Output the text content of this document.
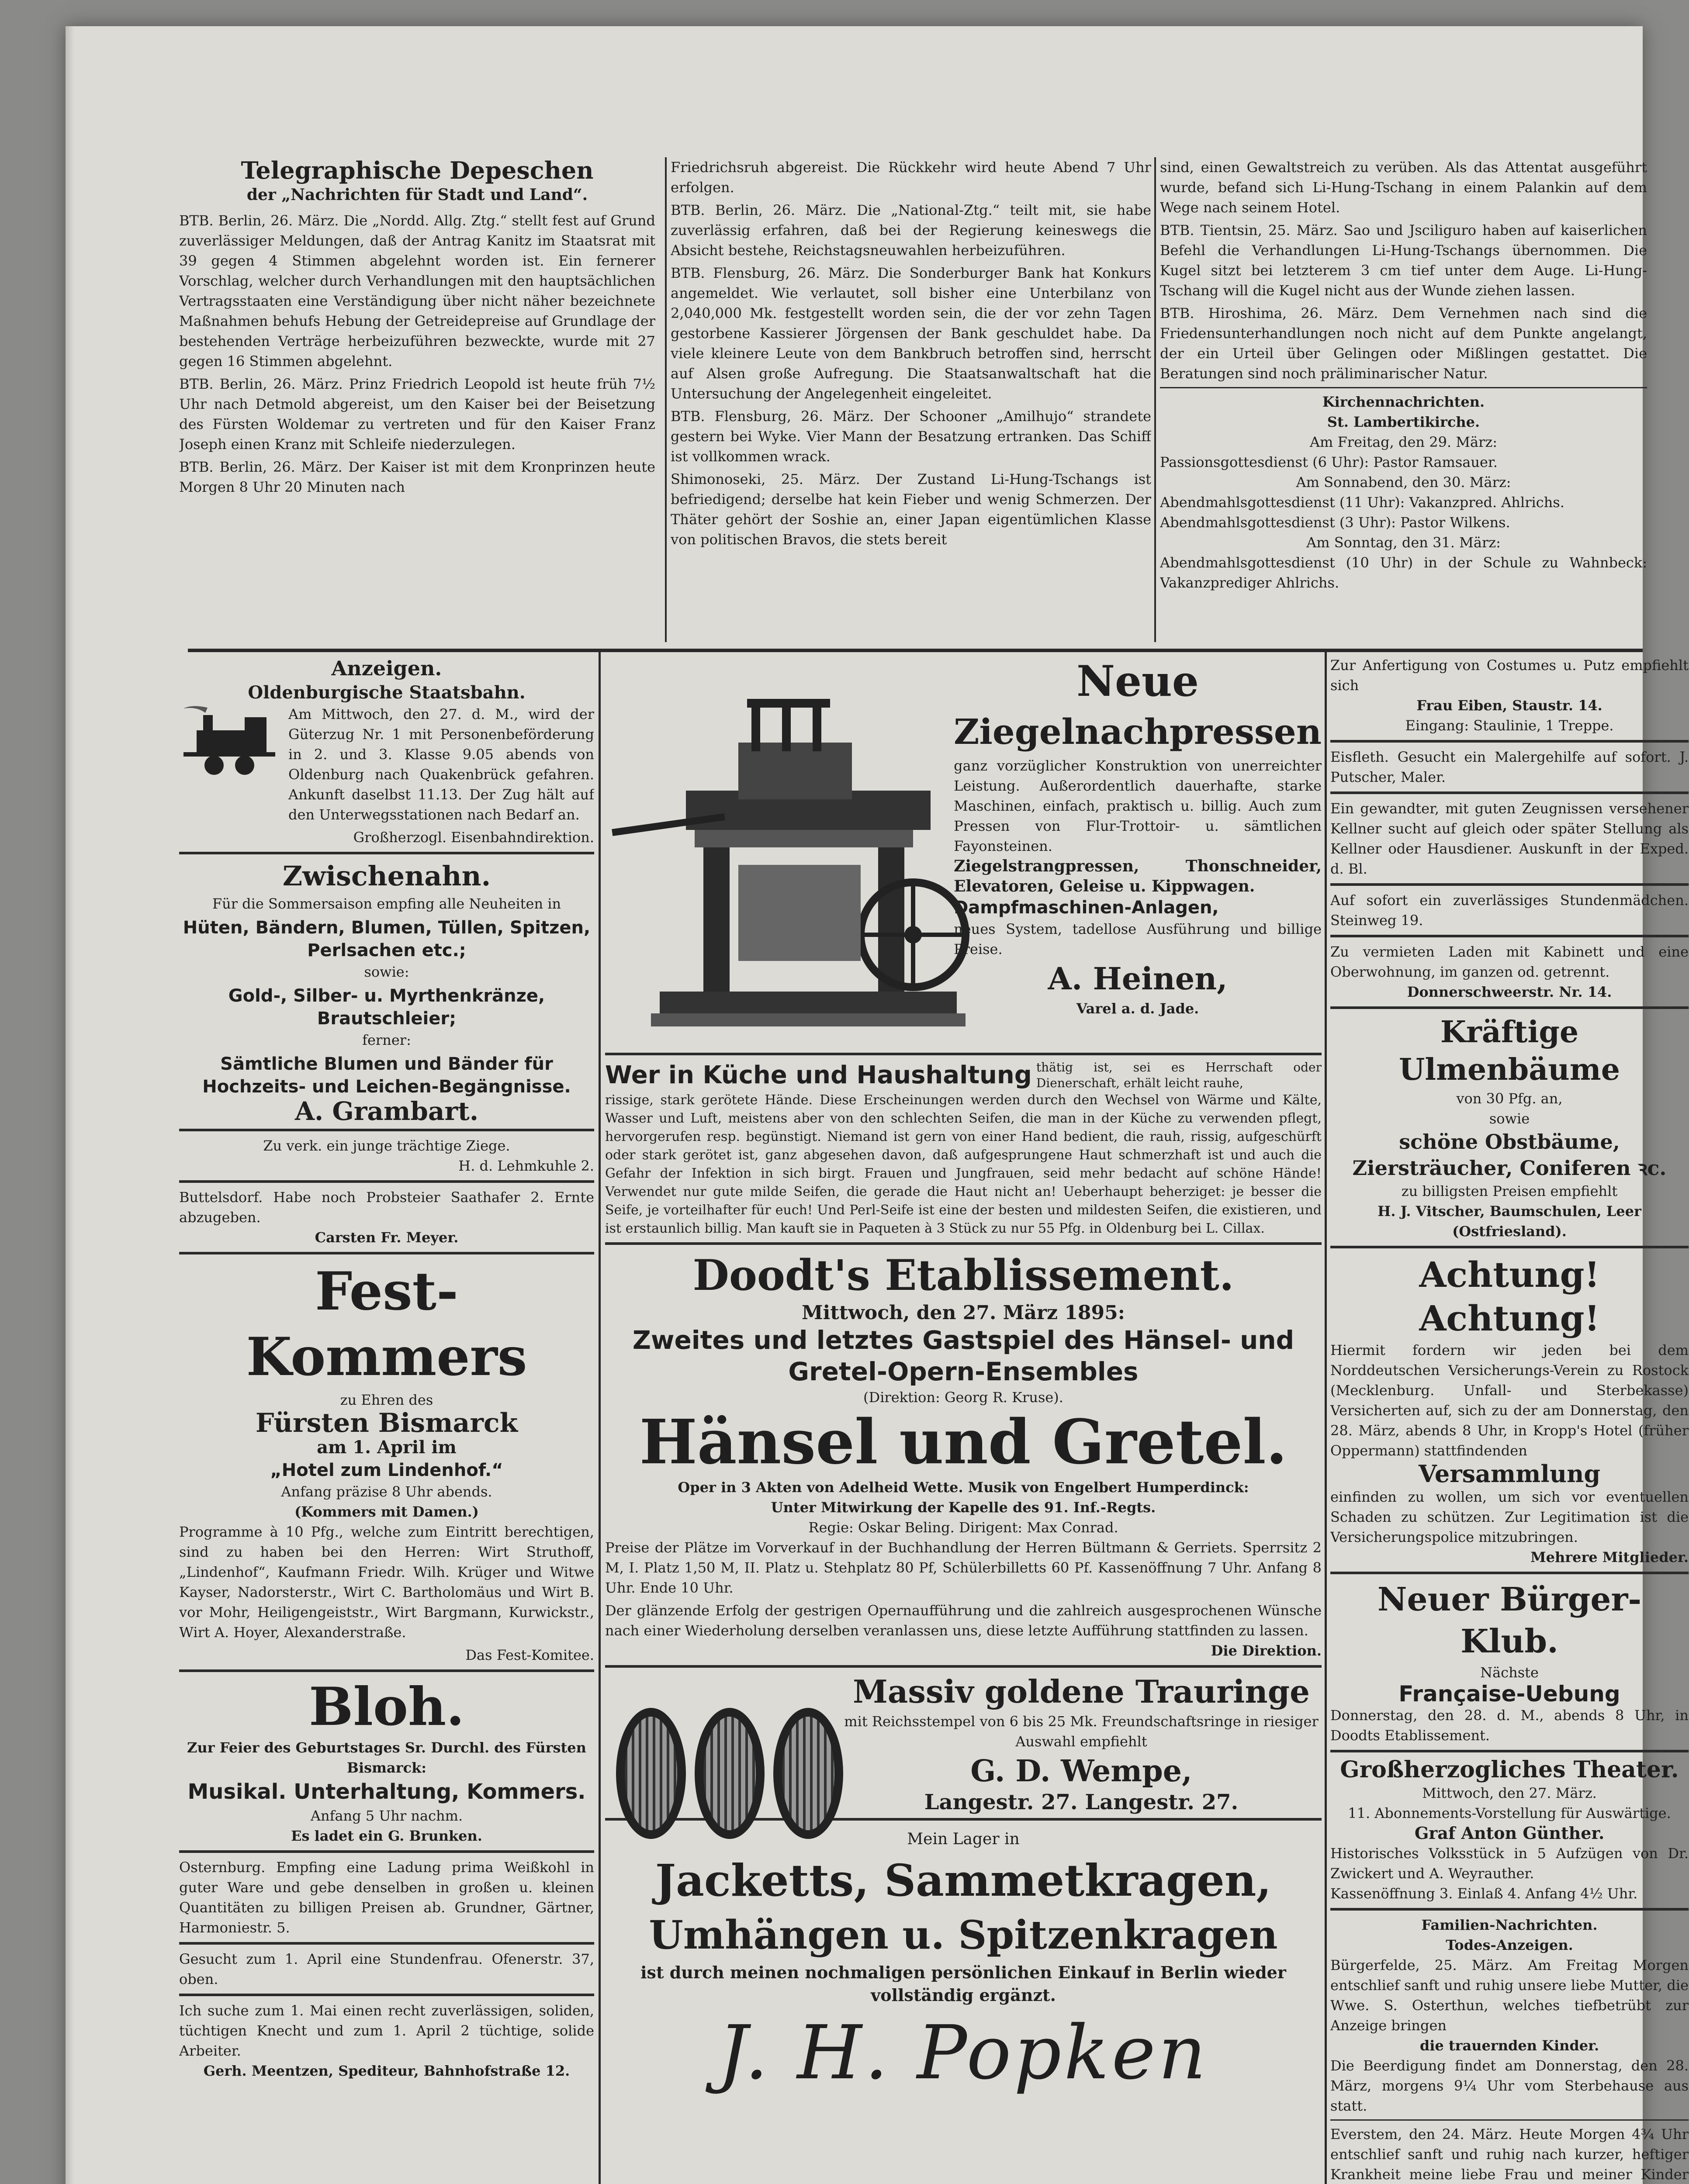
Telegraphische Depeschen
der „Nachrichten für Stadt und Land“.
BTB. Berlin, 26. März. Die „Nordd. Allg. Ztg.“ stellt fest auf Grund zuverlässiger Meldungen, daß der Antrag Kanitz im Staatsrat mit 39 gegen 4 Stimmen abgelehnt worden ist. Ein fernerer Vorschlag, welcher durch Verhandlungen mit den hauptsächlichen Vertragsstaaten eine Verständigung über nicht näher bezeichnete Maßnahmen behufs Hebung der Getreidepreise auf Grundlage der bestehenden Verträge herbeizuführen bezweckte, wurde mit 27 gegen 16 Stimmen abgelehnt.
BTB. Berlin, 26. März. Prinz Friedrich Leopold ist heute früh 7½ Uhr nach Detmold abgereist, um den Kaiser bei der Beisetzung des Fürsten Woldemar zu vertreten und für den Kaiser Franz Joseph einen Kranz mit Schleife niederzulegen.
BTB. Berlin, 26. März. Der Kaiser ist mit dem Kronprinzen heute Morgen 8 Uhr 20 Minuten nach
Friedrichsruh abgereist. Die Rückkehr wird heute Abend 7 Uhr erfolgen.
BTB. Berlin, 26. März. Die „National-Ztg.“ teilt mit, sie habe zuverlässig erfahren, daß bei der Regierung keineswegs die Absicht bestehe, Reichstagsneuwahlen herbeizuführen.
BTB. Flensburg, 26. März. Die Sonderburger Bank hat Konkurs angemeldet. Wie verlautet, soll bisher eine Unterbilanz von 2,040,000 Mk. festgestellt worden sein, die der vor zehn Tagen gestorbene Kassierer Jörgensen der Bank geschuldet habe. Da viele kleinere Leute von dem Bankbruch betroffen sind, herrscht auf Alsen große Aufregung. Die Staatsanwaltschaft hat die Untersuchung der Angelegenheit eingeleitet.
BTB. Flensburg, 26. März. Der Schooner „Amilhujo“ strandete gestern bei Wyke. Vier Mann der Besatzung ertranken. Das Schiff ist vollkommen wrack.
Shimonoseki, 25. März. Der Zustand Li-Hung-Tschangs ist befriedigend; derselbe hat kein Fieber und wenig Schmerzen. Der Thäter gehört der Soshie an, einer Japan eigentümlichen Klasse von politischen Bravos, die stets bereit
sind, einen Gewaltstreich zu verüben. Als das Attentat ausgeführt wurde, befand sich Li-Hung-Tschang in einem Palankin auf dem Wege nach seinem Hotel.
BTB. Tientsin, 25. März. Sao und Jsciliguro haben auf kaiserlichen Befehl die Verhandlungen Li-Hung-Tschangs übernommen. Die Kugel sitzt bei letzterem 3 cm tief unter dem Auge. Li-Hung-Tschang will die Kugel nicht aus der Wunde ziehen lassen.
BTB. Hiroshima, 26. März. Dem Vernehmen nach sind die Friedensunterhandlungen noch nicht auf dem Punkte angelangt, der ein Urteil über Gelingen oder Mißlingen gestattet. Die Beratungen sind noch präliminarischer Natur.
Kirchennachrichten.
St. Lambertikirche.
Am Freitag, den 29. März:
Passionsgottesdienst (6 Uhr): Pastor Ramsauer.
Am Sonnabend, den 30. März:
Abendmahlsgottesdienst (11 Uhr): Vakanzpred. Ahlrichs.
Abendmahlsgottesdienst (3 Uhr): Pastor Wilkens.
Am Sonntag, den 31. März:
Abendmahlsgottesdienst (10 Uhr) in der Schule zu Wahnbeck: Vakanzprediger Ahlrichs.
Anzeigen.
Oldenburgische Staatsbahn.
Am Mittwoch, den 27. d. M., wird der Güterzug Nr. 1 mit Personenbeförderung in 2. und 3. Klasse 9.05 abends von Oldenburg nach Quakenbrück gefahren. Ankunft daselbst 11.13. Der Zug hält auf den Unterwegsstationen nach Bedarf an.
Großherzogl. Eisenbahndirektion.
Zwischenahn.
Für die Sommersaison empfing alle Neuheiten in
Hüten, Bändern, Blumen, Tüllen, Spitzen, Perlsachen etc.;
sowie:
Gold-, Silber- u. Myrthenkränze, Brautschleier;
ferner:
Sämtliche Blumen und Bänder für Hochzeits- und Leichen-Begängnisse.
A. Grambart.
Zu verk. ein junge trächtige Ziege.
H. d. Lehmkuhle 2.
Buttelsdorf. Habe noch Probsteier Saathafer 2. Ernte abzugeben.
Carsten Fr. Meyer.
Fest-Kommers
zu Ehren des
Fürsten Bismarck
am 1. April im
„Hotel zum Lindenhof.“
Anfang präzise 8 Uhr abends.
(Kommers mit Damen.)
Programme à 10 Pfg., welche zum Eintritt berechtigen, sind zu haben bei den Herren: Wirt Struthoff, „Lindenhof“, Kaufmann Friedr. Wilh. Krüger und Witwe Kayser, Nadorsterstr., Wirt C. Bartholomäus und Wirt B. vor Mohr, Heiligengeiststr., Wirt Bargmann, Kurwickstr., Wirt A. Hoyer, Alexanderstraße.
Das Fest-Komitee.
Bloh.
Zur Feier des Geburtstages Sr. Durchl. des Fürsten Bismarck:
Musikal. Unterhaltung, Kommers.
Anfang 5 Uhr nachm.
Es ladet ein G. Brunken.
Osternburg. Empfing eine Ladung prima Weißkohl in guter Ware und gebe denselben in großen u. kleinen Quantitäten zu billigen Preisen ab. Grundner, Gärtner, Harmoniestr. 5.
Gesucht zum 1. April eine Stundenfrau. Ofenerstr. 37, oben.
Ich suche zum 1. Mai einen recht zuverlässigen, soliden, tüchtigen Knecht und zum 1. April 2 tüchtige, solide Arbeiter.
Gerh. Meentzen, Spediteur, Bahnhofstraße 12.
Neue
Ziegelnachpressen
ganz vorzüglicher Konstruktion von unerreichter Leistung. Außerordentlich dauerhafte, starke Maschinen, einfach, praktisch u. billig. Auch zum Pressen von Flur-Trottoir- u. sämtlichen Fayonsteinen.
Ziegelstrangpressen, Thonschneider, Elevatoren, Geleise u. Kippwagen.
Dampfmaschinen-Anlagen,
neues System, tadellose Ausführung und billige Preise.
A. Heinen,
Varel a. d. Jade.
Wer in Küche und Haushaltung thätig ist, sei es Herrschaft oder Dienerschaft, erhält leicht rauhe,
rissige, stark gerötete Hände. Diese Erscheinungen werden durch den Wechsel von Wärme und Kälte, Wasser und Luft, meistens aber von den schlechten Seifen, die man in der Küche zu verwenden pflegt, hervorgerufen resp. begünstigt. Niemand ist gern von einer Hand bedient, die rauh, rissig, aufgeschürft oder stark gerötet ist, ganz abgesehen davon, daß aufgesprungene Haut schmerzhaft ist und auch die Gefahr der Infektion in sich birgt. Frauen und Jungfrauen, seid mehr bedacht auf schöne Hände! Verwendet nur gute milde Seifen, die gerade die Haut nicht an! Ueberhaupt beherziget: je besser die Seife, je vorteilhafter für euch! Und Perl-Seife ist eine der besten und mildesten Seifen, die existieren, und ist erstaunlich billig. Man kauft sie in Paqueten à 3 Stück zu nur 55 Pfg. in Oldenburg bei L. Cillax.
Doodt's Etablissement.
Mittwoch, den 27. März 1895:
Zweites und letztes Gastspiel des Hänsel- und Gretel-Opern-Ensembles
(Direktion: Georg R. Kruse).
Hänsel und Gretel.
Oper in 3 Akten von Adelheid Wette. Musik von Engelbert Humperdinck:
Unter Mitwirkung der Kapelle des 91. Inf.-Regts.
Regie: Oskar Beling. Dirigent: Max Conrad.
Preise der Plätze im Vorverkauf in der Buchhandlung der Herren Bültmann & Gerriets. Sperrsitz 2 M, I. Platz 1,50 M, II. Platz u. Stehplatz 80 Pf, Schülerbilletts 60 Pf. Kassenöffnung 7 Uhr. Anfang 8 Uhr. Ende 10 Uhr.
Der glänzende Erfolg der gestrigen Opernaufführung und die zahlreich ausgesprochenen Wünsche nach einer Wiederholung derselben veranlassen uns, diese letzte Aufführung stattfinden zu lassen.
Die Direktion.
Massiv goldene Trauringe
mit Reichsstempel von 6 bis 25 Mk. Freundschaftsringe in riesiger Auswahl empfiehlt
G. D. Wempe,
Langestr. 27. Langestr. 27.
Mein Lager in
Jacketts, Sammetkragen,
Umhängen u. Spitzenkragen
ist durch meinen nochmaligen persönlichen Einkauf in Berlin wieder vollständig ergänzt.
J. H. Popken
Zur Anfertigung von Costumes u. Putz empfiehlt sich
Frau Eiben, Staustr. 14.
Eingang: Staulinie, 1 Treppe.
Eisfleth. Gesucht ein Malergehilfe auf sofort. J. Putscher, Maler.
Ein gewandter, mit guten Zeugnissen versehener Kellner sucht auf gleich oder später Stellung als Kellner oder Hausdiener. Auskunft in der Exped. d. Bl.
Auf sofort ein zuverlässiges Stundenmädchen. Steinweg 19.
Zu vermieten Laden mit Kabinett und eine Oberwohnung, im ganzen od. getrennt.
Donnerschweerstr. Nr. 14.
Kräftige Ulmenbäume
von 30 Pfg. an,
sowie
schöne Obstbäume, Ziersträucher, Coniferen ꝛc.
zu billigsten Preisen empfiehlt
H. J. Vitscher, Baumschulen, Leer (Ostfriesland).
Achtung! Achtung!
Hiermit fordern wir jeden bei dem Norddeutschen Versicherungs-Verein zu Rostock (Mecklenburg. Unfall- und Sterbekasse) Versicherten auf, sich zu der am Donnerstag, den 28. März, abends 8 Uhr, in Kropp's Hotel (früher Oppermann) stattfindenden
Versammlung
einfinden zu wollen, um sich vor eventuellen Schaden zu schützen. Zur Legitimation ist die Versicherungspolice mitzubringen.
Mehrere Mitglieder.
Neuer Bürger-Klub.
Nächste
Française-Uebung
Donnerstag, den 28. d. M., abends 8 Uhr, in Doodts Etablissement.
Großherzogliches Theater.
Mittwoch, den 27. März.
11. Abonnements-Vorstellung für Auswärtige.
Graf Anton Günther.
Historisches Volksstück in 5 Aufzügen von Dr. Zwickert und A. Weyrauther.
Kassenöffnung 3. Einlaß 4. Anfang 4½ Uhr.
Familien-Nachrichten.
Todes-Anzeigen.
Bürgerfelde, 25. März. Am Freitag Morgen entschlief sanft und ruhig unsere liebe Mutter, die Wwe. S. Osterthun, welches tiefbetrübt zur Anzeige bringen
die trauernden Kinder.
Die Beerdigung findet am Donnerstag, den 28. März, morgens 9¼ Uhr vom Sterbehause aus statt.
Everstem, den 24. März. Heute Morgen 4¾ Uhr entschlief sanft und ruhig nach kurzer, heftiger Krankheit meine liebe Frau und meiner Kinder
